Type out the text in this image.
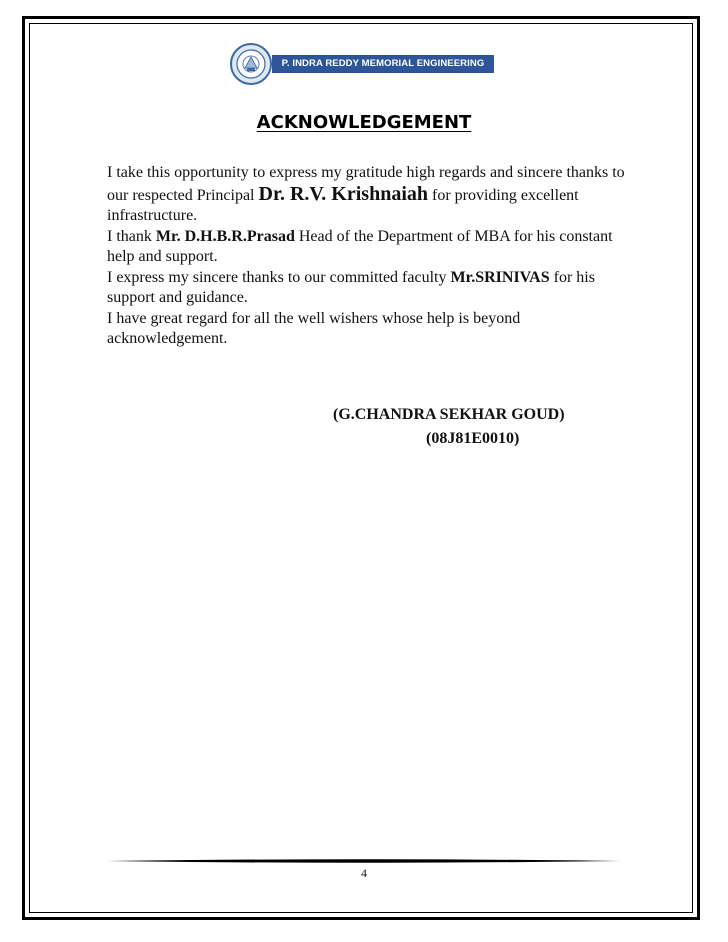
P. INDRA REDDY MEMORIAL ENGINEERING COLLEGE
ACKNOWLEDGEMENT

I take this opportunity to express my gratitude high regards and sincere thanks to our respected Principal Dr. R.V. Krishnaiah for providing excellent infrastructure.

I thank Mr. D.H.B.R.Prasad Head of the Department of MBA for his constant help and support.

I express my sincere thanks to our committed faculty Mr.SRINIVAS for his support and guidance.

I have great regard for all the well wishers whose help is beyond acknowledgement.

(G.CHANDRA SEKHAR GOUD)
(08J81E0010)
4
